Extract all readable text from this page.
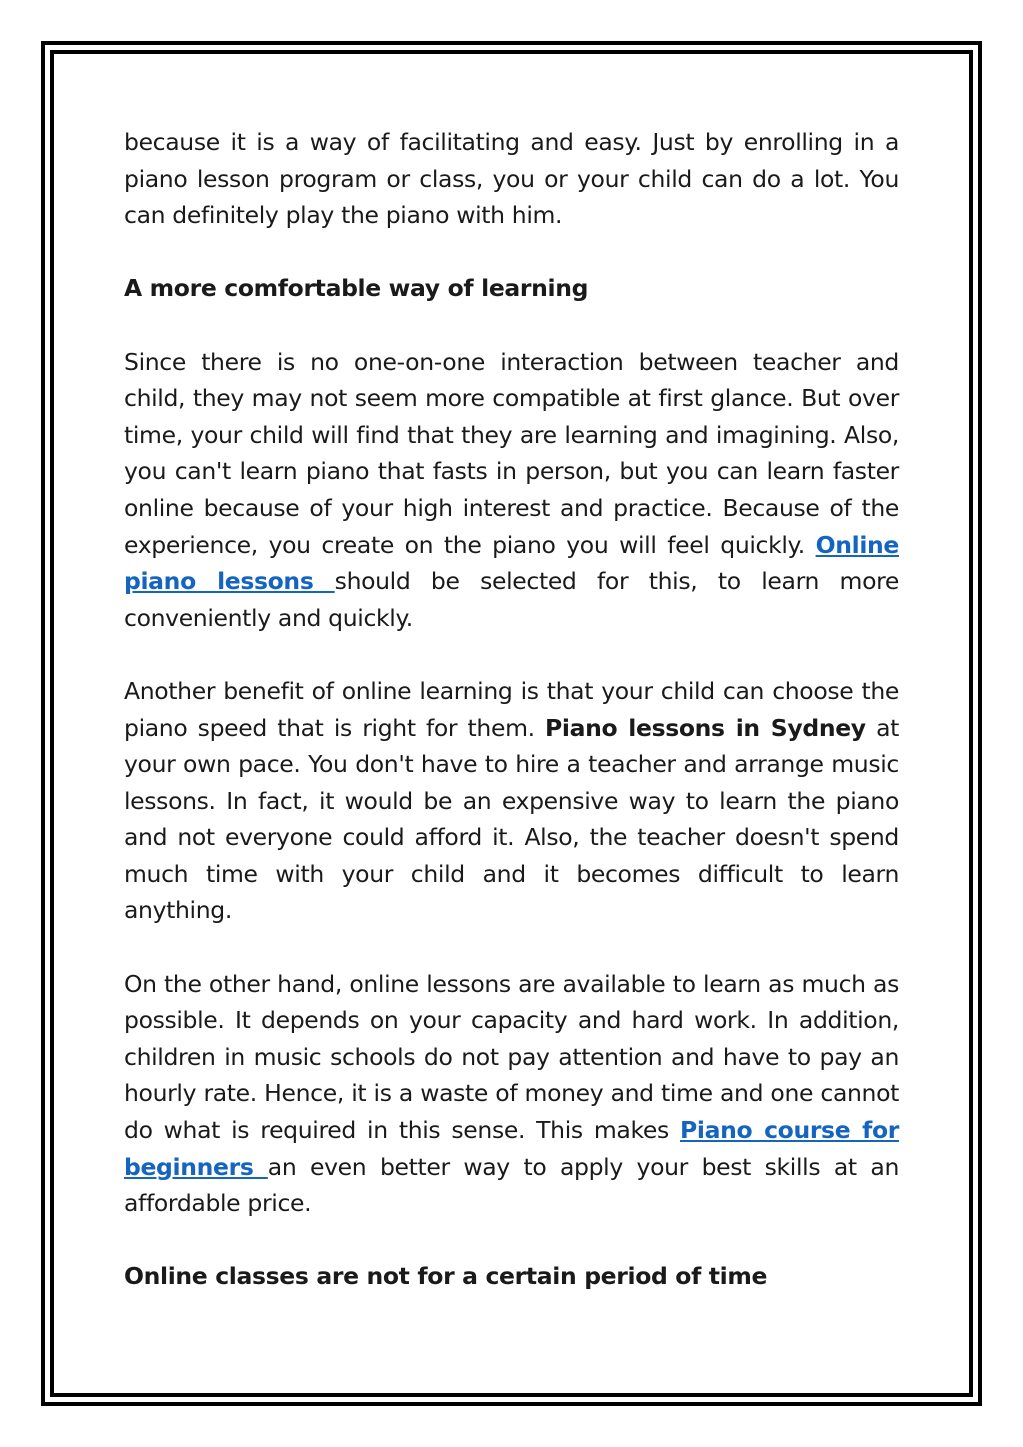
because it is a way of facilitating and easy. Just by enrolling in a piano lesson program or class, you or your child can do a lot. You can definitely play the piano with him.

A more comfortable way of learning

Since there is no one-on-one interaction between teacher and child, they may not seem more compatible at first glance. But over time, your child will find that they are learning and imagining. Also, you can't learn piano that fasts in person, but you can learn faster online because of your high interest and practice. Because of the experience, you create on the piano you will feel quickly. Online piano lessons should be selected for this, to learn more conveniently and quickly.

Another benefit of online learning is that your child can choose the piano speed that is right for them. Piano lessons in Sydney at your own pace. You don't have to hire a teacher and arrange music lessons. In fact, it would be an expensive way to learn the piano and not everyone could afford it. Also, the teacher doesn't spend much time with your child and it becomes difficult to learn anything.

On the other hand, online lessons are available to learn as much as possible. It depends on your capacity and hard work. In addition, children in music schools do not pay attention and have to pay an hourly rate. Hence, it is a waste of money and time and one cannot do what is required in this sense. This makes Piano course for beginners an even better way to apply your best skills at an affordable price.

Online classes are not for a certain period of time
